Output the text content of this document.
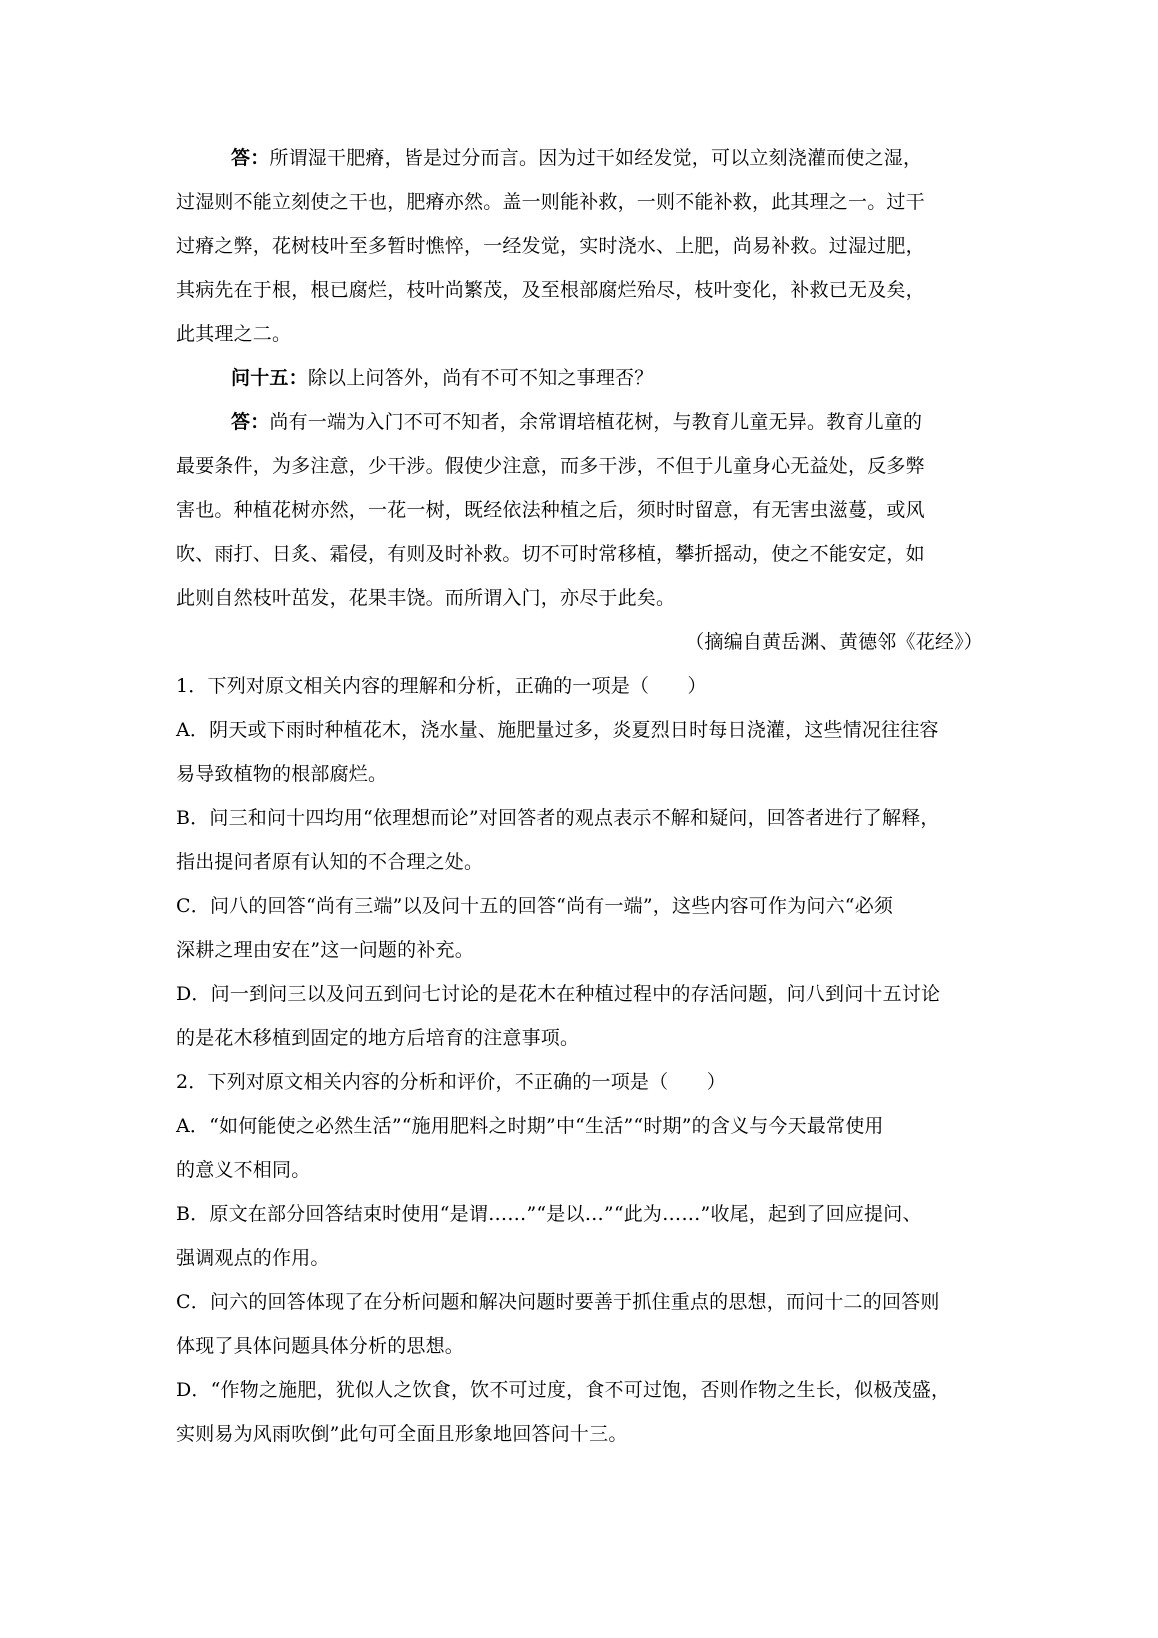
答：所谓湿干肥瘠，皆是过分而言。因为过干如经发觉，可以立刻浇灌而使之湿，
过湿则不能立刻使之干也，肥瘠亦然。盖一则能补救，一则不能补救，此其理之一。过干
过瘠之弊，花树枝叶至多暂时憔悴，一经发觉，实时浇水、上肥，尚易补救。过湿过肥，
其病先在于根，根已腐烂，枝叶尚繁茂，及至根部腐烂殆尽，枝叶变化，补救已无及矣，
此其理之二。
问十五：除以上问答外，尚有不可不知之事理否？
答：尚有一端为入门不可不知者，余常谓培植花树，与教育儿童无异。教育儿童的
最要条件，为多注意，少干涉。假使少注意，而多干涉，不但于儿童身心无益处，反多弊
害也。种植花树亦然，一花一树，既经依法种植之后，须时时留意，有无害虫滋蔓，或风
吹、雨打、日炙、霜侵，有则及时补救。切不可时常移植，攀折摇动，使之不能安定，如
此则自然枝叶茁发，花果丰饶。而所谓入门，亦尽于此矣。
（摘编自黄岳渊、黄德邻《花经》）
1．下列对原文相关内容的理解和分析，正确的一项是（　　）
A．阴天或下雨时种植花木，浇水量、施肥量过多，炎夏烈日时每日浇灌，这些情况往往容
易导致植物的根部腐烂。
B．问三和问十四均用“依理想而论”对回答者的观点表示不解和疑问，回答者进行了解释，
指出提问者原有认知的不合理之处。
C．问八的回答“尚有三端”以及问十五的回答“尚有一端”，这些内容可作为问六“必须
深耕之理由安在”这一问题的补充。
D．问一到问三以及问五到问七讨论的是花木在种植过程中的存活问题，问八到问十五讨论
的是花木移植到固定的地方后培育的注意事项。
2．下列对原文相关内容的分析和评价，不正确的一项是（　　）
A．“如何能使之必然生活”“施用肥料之时期”中“生活”“时期”的含义与今天最常使用
的意义不相同。
B．原文在部分回答结束时使用“是谓……”“是以…”“此为……”收尾，起到了回应提问、
强调观点的作用。
C．问六的回答体现了在分析问题和解决问题时要善于抓住重点的思想，而问十二的回答则
体现了具体问题具体分析的思想。
D．“作物之施肥，犹似人之饮食，饮不可过度，食不可过饱，否则作物之生长，似极茂盛，
实则易为风雨吹倒”此句可全面且形象地回答问十三。
